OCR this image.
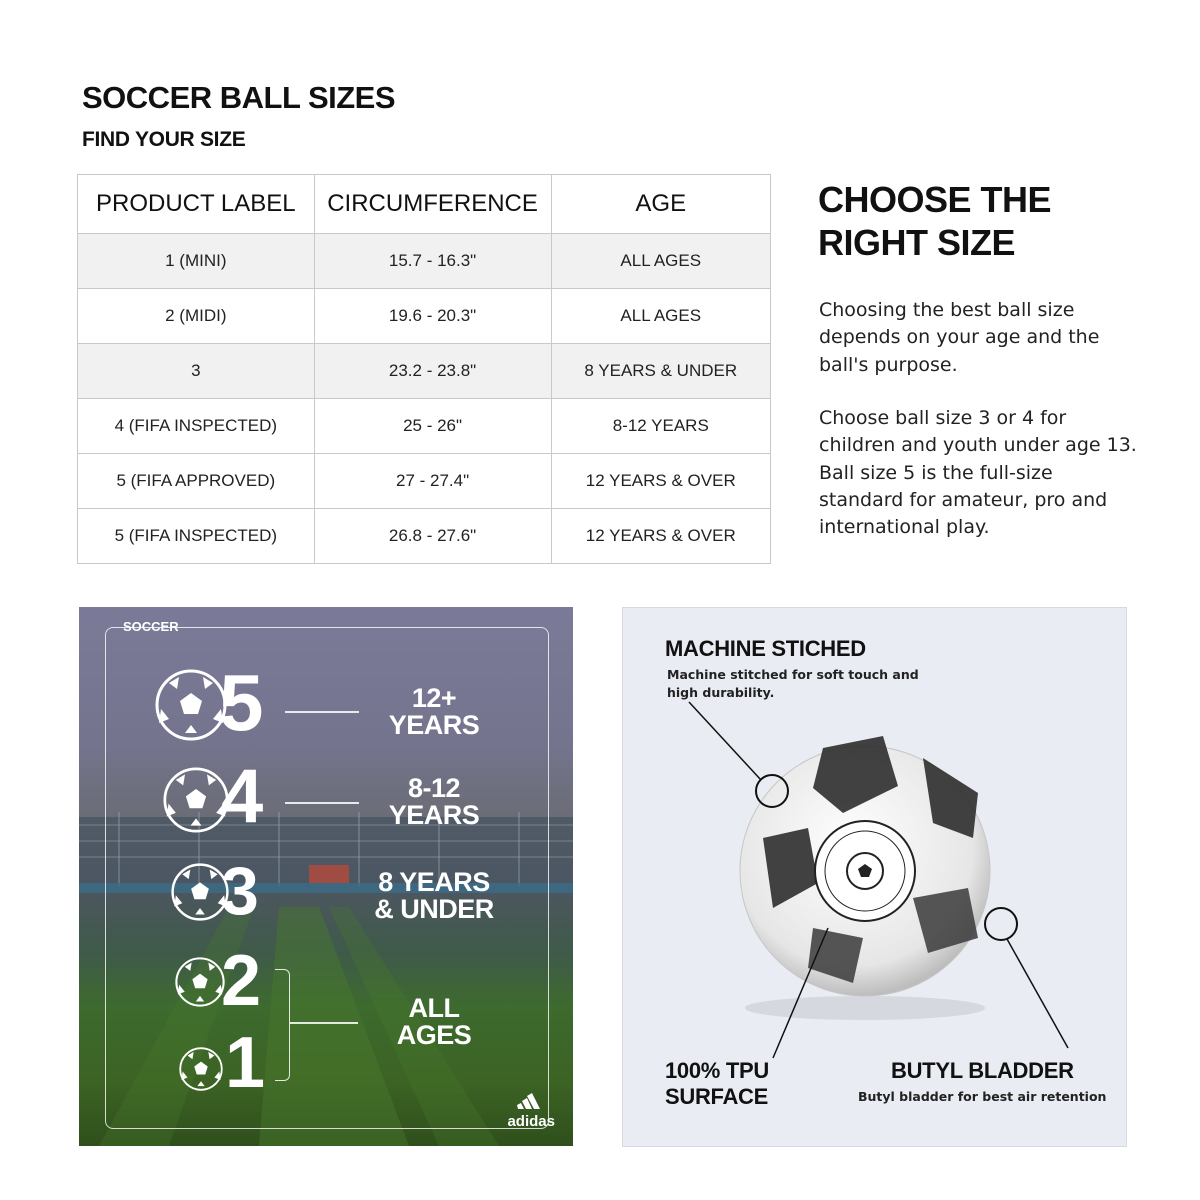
SOCCER BALL SIZES
FIND YOUR SIZE
PRODUCT LABEL	CIRCUMFERENCE	AGE
1 (MINI)	15.7 - 16.3"	ALL AGES
2 (MIDI)	19.6 - 20.3"	ALL AGES
3	23.2 - 23.8"	8 YEARS & UNDER
4 (FIFA INSPECTED)	25 - 26"	8-12 YEARS
5 (FIFA APPROVED)	27 - 27.4"	12 YEARS & OVER
5 (FIFA INSPECTED)	26.8 - 27.6"	12 YEARS & OVER
CHOOSE THE RIGHT SIZE
Choosing the best ball size depends on your age and the ball's purpose.
Choose ball size 3 or 4 for children and youth under age 13. Ball size 5 is the full-size standard for amateur, pro and international play.
SOCCER
5	12+
YEARS
4	8-12
YEARS
3	8 YEARS
& UNDER
2
1
ALL
AGES
adidas
MACHINE STICHED
Machine stitched for soft touch and high durability.
100% TPU
SURFACE
BUTYL BLADDER
Butyl bladder for best air retention
